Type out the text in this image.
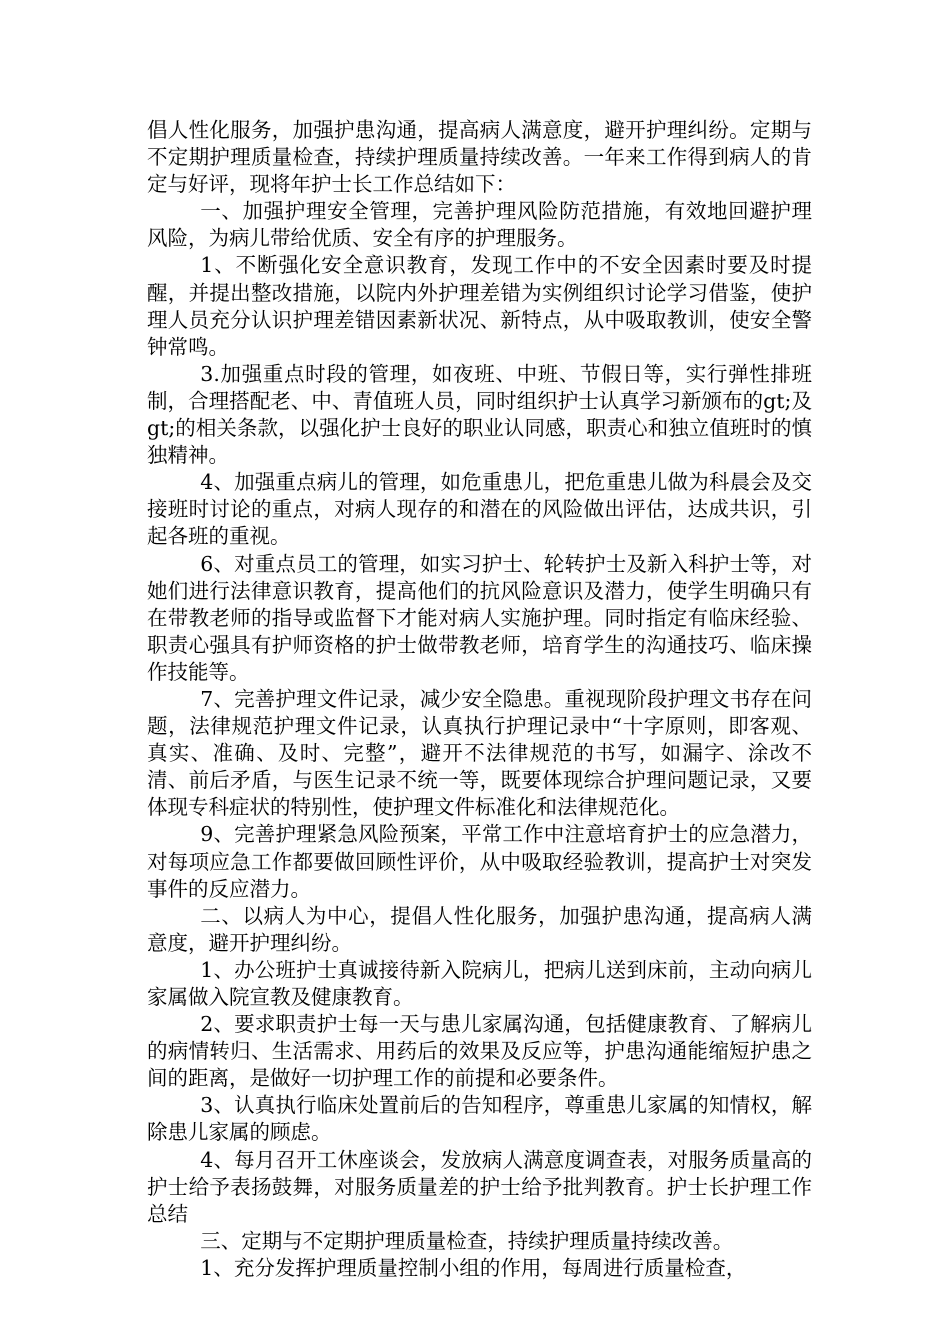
倡人性化服务，加强护患沟通，提高病人满意度，避开护理纠纷。定期与不定期护理质量检查，持续护理质量持续改善。一年来工作得到病人的肯定与好评，现将年护士长工作总结如下：

一、加强护理安全管理，完善护理风险防范措施，有效地回避护理风险，为病儿带给优质、安全有序的护理服务。

1、不断强化安全意识教育，发现工作中的不安全因素时要及时提醒，并提出整改措施，以院内外护理差错为实例组织讨论学习借鉴，使护理人员充分认识护理差错因素新状况、新特点，从中吸取教训，使安全警钟常鸣。

3.加强重点时段的管理，如夜班、中班、节假日等，实行弹性排班制，合理搭配老、中、青值班人员，同时组织护士认真学习新颁布的gt;及gt;的相关条款，以强化护士良好的职业认同感，职责心和独立值班时的慎独精神。

4、加强重点病儿的管理，如危重患儿，把危重患儿做为科晨会及交接班时讨论的重点，对病人现存的和潜在的风险做出评估，达成共识，引起各班的重视。

6、对重点员工的管理，如实习护士、轮转护士及新入科护士等，对她们进行法律意识教育，提高他们的抗风险意识及潜力，使学生明确只有在带教老师的指导或监督下才能对病人实施护理。同时指定有临床经验、职责心强具有护师资格的护士做带教老师，培育学生的沟通技巧、临床操作技能等。

7、完善护理文件记录，减少安全隐患。重视现阶段护理文书存在问题，法律规范护理文件记录，认真执行护理记录中“十字原则，即客观、真实、准确、及时、完整”，避开不法律规范的书写，如漏字、涂改不清、前后矛盾，与医生记录不统一等，既要体现综合护理问题记录，又要体现专科症状的特别性，使护理文件标准化和法律规范化。

9、完善护理紧急风险预案，平常工作中注意培育护士的应急潜力，对每项应急工作都要做回顾性评价，从中吸取经验教训，提高护士对突发事件的反应潜力。

二、以病人为中心，提倡人性化服务，加强护患沟通，提高病人满意度，避开护理纠纷。

1、办公班护士真诚接待新入院病儿，把病儿送到床前，主动向病儿家属做入院宣教及健康教育。

2、要求职责护士每一天与患儿家属沟通，包括健康教育、了解病儿的病情转归、生活需求、用药后的效果及反应等，护患沟通能缩短护患之间的距离，是做好一切护理工作的前提和必要条件。

3、认真执行临床处置前后的告知程序，尊重患儿家属的知情权，解除患儿家属的顾虑。

4、每月召开工休座谈会，发放病人满意度调查表，对服务质量高的护士给予表扬鼓舞，对服务质量差的护士给予批判教育。护士长护理工作总结

三、定期与不定期护理质量检查，持续护理质量持续改善。

1、充分发挥护理质量控制小组的作用，每周进行质量检查，
